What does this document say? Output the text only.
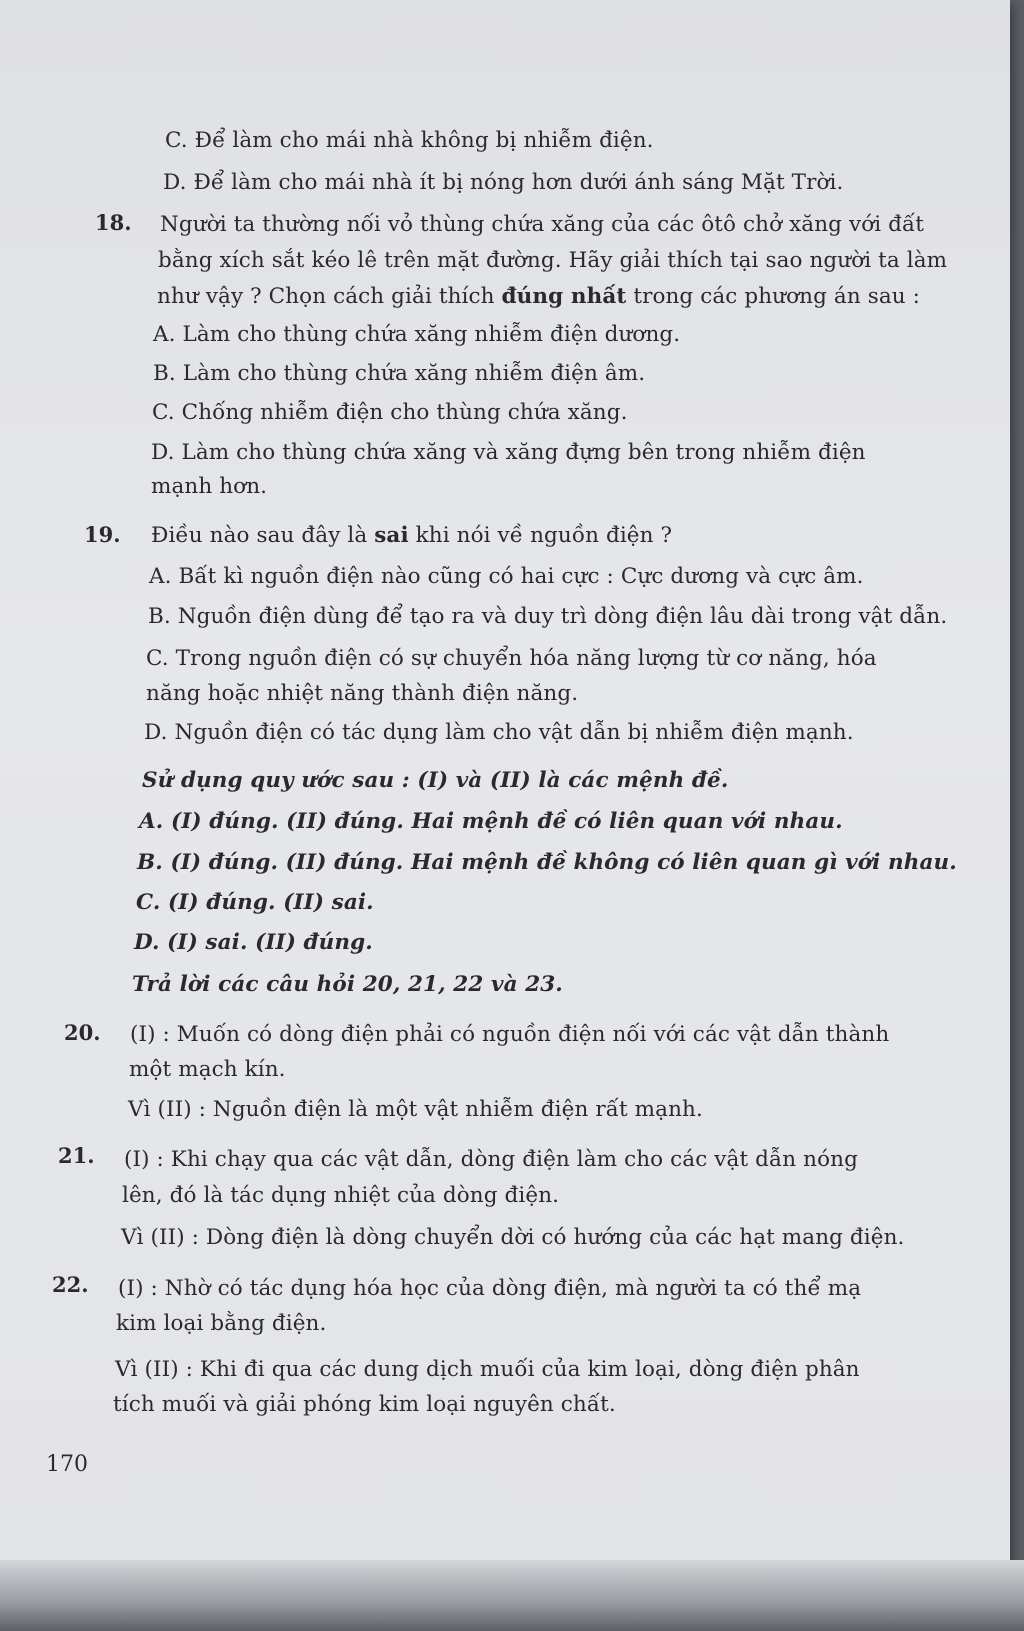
C. Để làm cho mái nhà không bị nhiễm điện.
D. Để làm cho mái nhà ít bị nóng hơn dưới ánh sáng Mặt Trời.
18. Người ta thường nối vỏ thùng chứa xăng của các ôtô chở xăng với đất
bằng xích sắt kéo lê trên mặt đường. Hãy giải thích tại sao người ta làm
như vậy ? Chọn cách giải thích đúng nhất trong các phương án sau :
A. Làm cho thùng chứa xăng nhiễm điện dương.
B. Làm cho thùng chứa xăng nhiễm điện âm.
C. Chống nhiễm điện cho thùng chứa xăng.
D. Làm cho thùng chứa xăng và xăng đựng bên trong nhiễm điện
mạnh hơn.
19. Điều nào sau đây là sai khi nói về nguồn điện ?
A. Bất kì nguồn điện nào cũng có hai cực : Cực dương và cực âm.
B. Nguồn điện dùng để tạo ra và duy trì dòng điện lâu dài trong vật dẫn.
C. Trong nguồn điện có sự chuyển hóa năng lượng từ cơ năng, hóa
năng hoặc nhiệt năng thành điện năng.
D. Nguồn điện có tác dụng làm cho vật dẫn bị nhiễm điện mạnh.
Sử dụng quy ước sau : (I) và (II) là các mệnh đề.
A. (I) đúng. (II) đúng. Hai mệnh đề có liên quan với nhau.
B. (I) đúng. (II) đúng. Hai mệnh đề không có liên quan gì với nhau.
C. (I) đúng. (II) sai.
D. (I) sai. (II) đúng.
Trả lời các câu hỏi 20, 21, 22 và 23.
20. (I) : Muốn có dòng điện phải có nguồn điện nối với các vật dẫn thành
một mạch kín.
Vì (II) : Nguồn điện là một vật nhiễm điện rất mạnh.
21. (I) : Khi chạy qua các vật dẫn, dòng điện làm cho các vật dẫn nóng
lên, đó là tác dụng nhiệt của dòng điện.
Vì (II) : Dòng điện là dòng chuyển dời có hướng của các hạt mang điện.
22. (I) : Nhờ có tác dụng hóa học của dòng điện, mà người ta có thể mạ
kim loại bằng điện.
Vì (II) : Khi đi qua các dung dịch muối của kim loại, dòng điện phân
tích muối và giải phóng kim loại nguyên chất.
170
